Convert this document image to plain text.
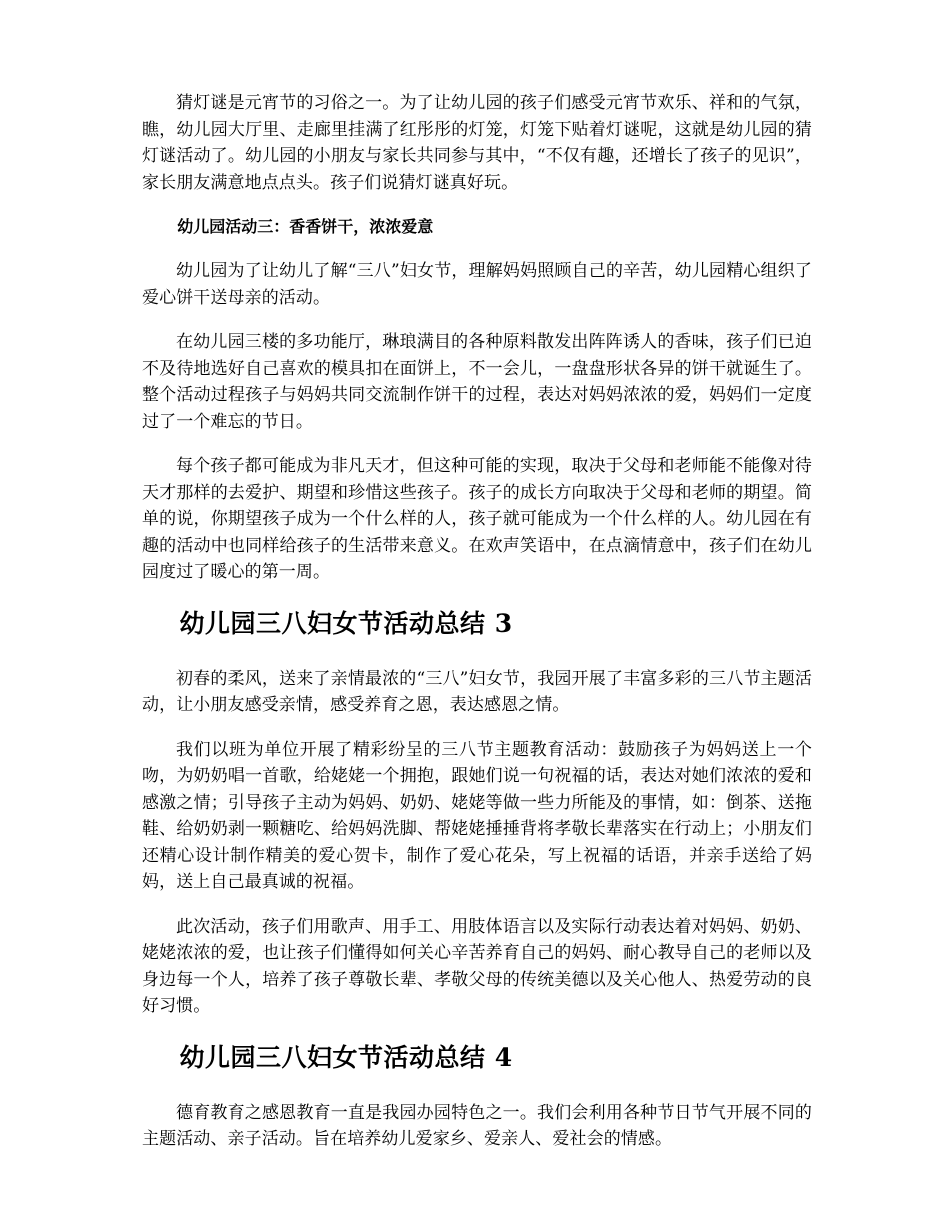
猜灯谜是元宵节的习俗之一。为了让幼儿园的孩子们感受元宵节欢乐、祥和的气氛，瞧，幼儿园大厅里、走廊里挂满了红彤彤的灯笼，灯笼下贴着灯谜呢，这就是幼儿园的猜灯谜活动了。幼儿园的小朋友与家长共同参与其中，“不仅有趣，还增长了孩子的见识”，家长朋友满意地点点头。孩子们说猜灯谜真好玩。

幼儿园活动三：香香饼干，浓浓爱意

幼儿园为了让幼儿了解“三八”妇女节，理解妈妈照顾自己的辛苦，幼儿园精心组织了爱心饼干送母亲的活动。

在幼儿园三楼的多功能厅，琳琅满目的各种原料散发出阵阵诱人的香味，孩子们已迫不及待地选好自己喜欢的模具扣在面饼上，不一会儿，一盘盘形状各异的饼干就诞生了。整个活动过程孩子与妈妈共同交流制作饼干的过程，表达对妈妈浓浓的爱，妈妈们一定度过了一个难忘的节日。

每个孩子都可能成为非凡天才，但这种可能的实现，取决于父母和老师能不能像对待天才那样的去爱护、期望和珍惜这些孩子。孩子的成长方向取决于父母和老师的期望。简单的说，你期望孩子成为一个什么样的人，孩子就可能成为一个什么样的人。幼儿园在有趣的活动中也同样给孩子的生活带来意义。在欢声笑语中，在点滴情意中，孩子们在幼儿园度过了暖心的第一周。

幼儿园三八妇女节活动总结 3

初春的柔风，送来了亲情最浓的“三八”妇女节，我园开展了丰富多彩的三八节主题活动，让小朋友感受亲情，感受养育之恩，表达感恩之情。

我们以班为单位开展了精彩纷呈的三八节主题教育活动：鼓励孩子为妈妈送上一个吻，为奶奶唱一首歌，给姥姥一个拥抱，跟她们说一句祝福的话，表达对她们浓浓的爱和感激之情；引导孩子主动为妈妈、奶奶、姥姥等做一些力所能及的事情，如：倒茶、送拖鞋、给奶奶剥一颗糖吃、给妈妈洗脚、帮姥姥捶捶背将孝敬长辈落实在行动上；小朋友们还精心设计制作精美的爱心贺卡，制作了爱心花朵，写上祝福的话语，并亲手送给了妈妈，送上自己最真诚的祝福。

此次活动，孩子们用歌声、用手工、用肢体语言以及实际行动表达着对妈妈、奶奶、姥姥浓浓的爱，也让孩子们懂得如何关心辛苦养育自己的妈妈、耐心教导自己的老师以及身边每一个人，培养了孩子尊敬长辈、孝敬父母的传统美德以及关心他人、热爱劳动的良好习惯。

幼儿园三八妇女节活动总结 4

德育教育之感恩教育一直是我园办园特色之一。我们会利用各种节日节气开展不同的主题活动、亲子活动。旨在培养幼儿爱家乡、爱亲人、爱社会的情感。
